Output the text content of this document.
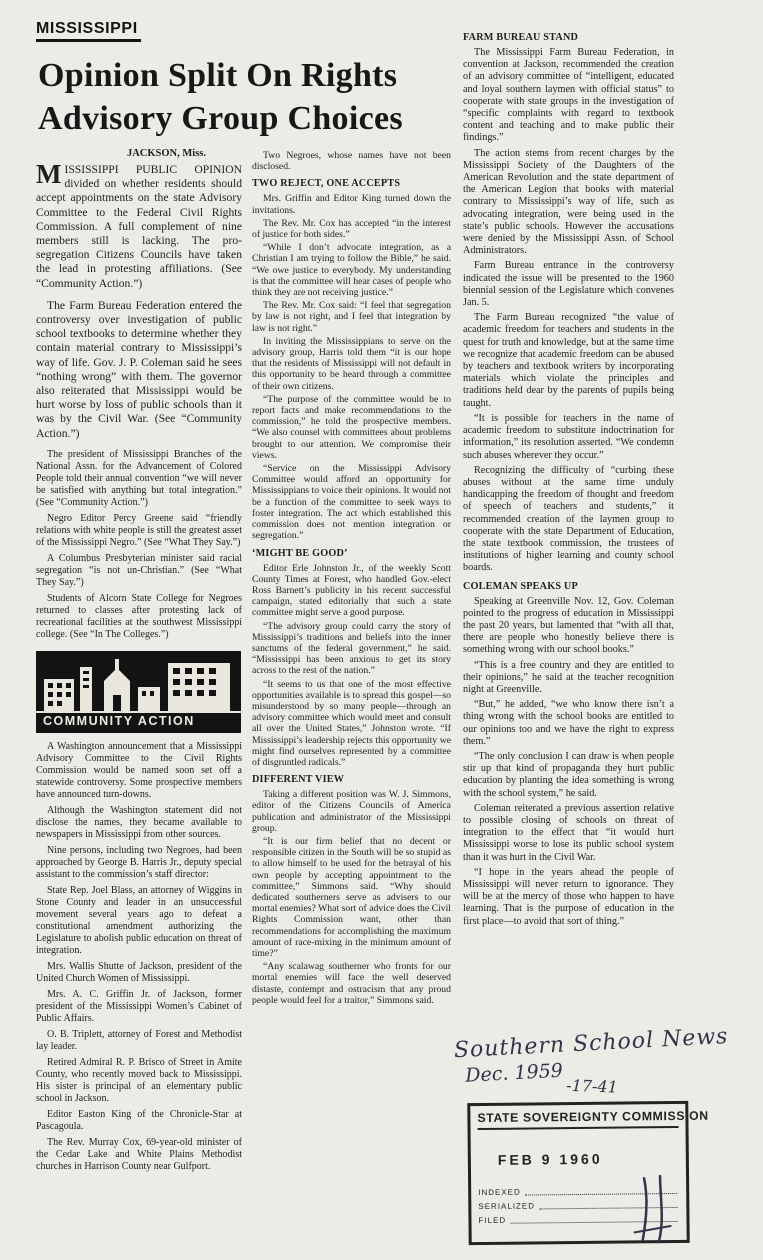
MISSISSIPPI
Opinion Split On Rights
Advisory Group Choices
JACKSON, Miss.

MISSISSIPPI PUBLIC OPINION divided on whether residents should accept appointments on the state Advisory Committee to the Federal Civil Rights Commission. A full complement of nine members still is lacking. The pro-segregation Citizens Councils have taken the lead in protesting affiliations. (See “Community Action.”)

The Farm Bureau Federation entered the controversy over investigation of public school textbooks to determine whether they contain material contrary to Mississippi’s way of life. Gov. J. P. Coleman said he sees “nothing wrong” with them. The governor also reiterated that Mississippi would be hurt worse by loss of public schools than it was by the Civil War. (See “Community Action.”)

The president of Mississippi Branches of the National Assn. for the Advancement of Colored People told their annual convention “we will never be satisfied with anything but total integration.” (See “Community Action.”)

Negro Editor Percy Greene said “friendly relations with white people is still the greatest asset of the Mississippi Negro.” (See “What They Say.”)

A Columbus Presbyterian minister said racial segregation “is not un-Christian.” (See “What They Say.”)

Students of Alcorn State College for Negroes returned to classes after protesting lack of recreational facilities at the southwest Mississippi college. (See “In The Colleges.”)

COMMUNITY ACTION

A Washington announcement that a Mississippi Advisory Committee to the Civil Rights Commission would be named soon set off a statewide controversy. Some prospective members have announced turn-downs.

Although the Washington statement did not disclose the names, they became available to newspapers in Mississippi from other sources.

Nine persons, including two Negroes, had been approached by George B. Harris Jr., deputy special assistant to the commission’s staff director:

State Rep. Joel Blass, an attorney of Wiggins in Stone County and leader in an unsuccessful movement several years ago to defeat a constitutional amendment authorizing the Legislature to abolish public education on threat of integration.

Mrs. Wallis Shutte of Jackson, president of the United Church Women of Mississippi.

Mrs. A. C. Griffin Jr. of Jackson, former president of the Mississippi Women’s Cabinet of Public Affairs.

O. B. Triplett, attorney of Forest and Methodist lay leader.

Retired Admiral R. P. Brisco of Street in Amite County, who recently moved back to Mississippi. His sister is principal of an elementary public school in Jackson.

Editor Easton King of the Chronicle-Star at Pascagoula.

The Rev. Murray Cox, 69-year-old minister of the Cedar Lake and White Plains Methodist churches in Harrison County near Gulfport.

Two Negroes, whose names have not been disclosed.

TWO REJECT, ONE ACCEPTS

Mrs. Griffin and Editor King turned down the invitations.

The Rev. Mr. Cox has accepted “in the interest of justice for both sides.”

“While I don’t advocate integration, as a Christian I am trying to follow the Bible,” he said. “We owe justice to everybody. My understanding is that the committee will hear cases of people who think they are not receiving justice.”

The Rev. Mr. Cox said: “I feel that segregation by law is not right, and I feel that integration by law is not right.”

In inviting the Mississippians to serve on the advisory group, Harris told them “it is our hope that the residents of Mississippi will not default in this opportunity to be heard through a committee of their own citizens.

“The purpose of the committee would be to report facts and make recommendations to the commission,” he told the prospective members. “We also counsel with committees about problems brought to our attention. We compromise their views.

“Service on the Mississippi Advisory Committee would afford an opportunity for Mississippians to voice their opinions. It would not be a function of the committee to seek ways to foster integration. The act which established this commission does not mention integration or segregation.”

‘MIGHT BE GOOD’

Editor Erle Johnston Jr., of the weekly Scott County Times at Forest, who handled Gov.-elect Ross Barnett’s publicity in his recent successful campaign, stated editorially that such a state committee might serve a good purpose.

“The advisory group could carry the story of Mississippi’s traditions and beliefs into the inner sanctums of the federal government,” he said. “Mississippi has been anxious to get its story across to the rest of the nation.”

“It seems to us that one of the most effective opportunities available is to spread this gospel—so misunderstood by so many people—through an advisory committee which would meet and consult all over the United States,” Johnston wrote. “If Mississippi’s leadership rejects this opportunity we might find ourselves represented by a committee of disgruntled radicals.”

DIFFERENT VIEW

Taking a different position was W. J. Simmons, editor of the Citizens Councils of America publication and administrator of the Mississippi group.

“It is our firm belief that no decent or responsible citizen in the South will be so stupid as to allow himself to be used for the betrayal of his own people by accepting appointment to the committee,” Simmons said. “Why should dedicated southerners serve as advisers to our mortal enemies? What sort of advice does the Civil Rights Commission want, other than recommendations for accomplishing the maximum amount of race-mixing in the minimum amount of time?”

“Any scalawag southerner who fronts for our mortal enemies will face the well deserved distaste, contempt and ostracism that any proud people would feel for a traitor,” Simmons said.

FARM BUREAU STAND

The Mississippi Farm Bureau Federation, in convention at Jackson, recommended the creation of an advisory committee of “intelligent, educated and loyal southern laymen with official status” to cooperate with state groups in the investigation of “specific complaints with regard to textbook content and teaching and to make public their findings.”

The action stems from recent charges by the Mississippi Society of the Daughters of the American Revolution and the state department of the American Legion that books with material contrary to Mississippi’s way of life, such as advocating integration, were being used in the state’s public schools. However the accusations were denied by the Mississippi Assn. of School Administrators.

Farm Bureau entrance in the controversy indicated the issue will be presented to the 1960 biennial session of the Legislature which convenes Jan. 5.

The Farm Bureau recognized “the value of academic freedom for teachers and students in the quest for truth and knowledge, but at the same time we recognize that academic freedom can be abused by teachers and textbook writers by incorporating materials which violate the principles and traditions held dear by the parents of pupils being taught.

“It is possible for teachers in the name of academic freedom to substitute indoctrination for information,” its resolution asserted. “We condemn such abuses wherever they occur.”

Recognizing the difficulty of “curbing these abuses without at the same time unduly handicapping the freedom of thought and freedom of speech of teachers and students,” it recommended creation of the laymen group to cooperate with the state Department of Education, the state textbook commission, the trustees of institutions of higher learning and county school boards.

COLEMAN SPEAKS UP

Speaking at Greenville Nov. 12, Gov. Coleman pointed to the progress of education in Mississippi the past 20 years, but lamented that “with all that, there are people who honestly believe there is something wrong with our school books.”

“This is a free country and they are entitled to their opinions,” he said at the teacher recognition night at Greenville.

“But,” he added, “we who know there isn’t a thing wrong with the school books are entitled to our opinions too and we have the right to express them.”

“The only conclusion I can draw is when people stir up that kind of propaganda they hurt public education by planting the idea something is wrong with the school system,” he said.

Coleman reiterated a previous assertion relative to possible closing of schools on threat of integration to the effect that “it would hurt Mississippi worse to lose its public school system than it was hurt in the Civil War.

“I hope in the years ahead the people of Mississippi will never return to ignorance. They will be at the mercy of those who happen to have learning. That is the purpose of education in the first place—to avoid that sort of thing.”

Southern School News
Dec. 1959 -17-41
STATE SOVEREIGNTY COMMISSION
FEB 9 1960
INDEXED
SERIALIZED
FILED
